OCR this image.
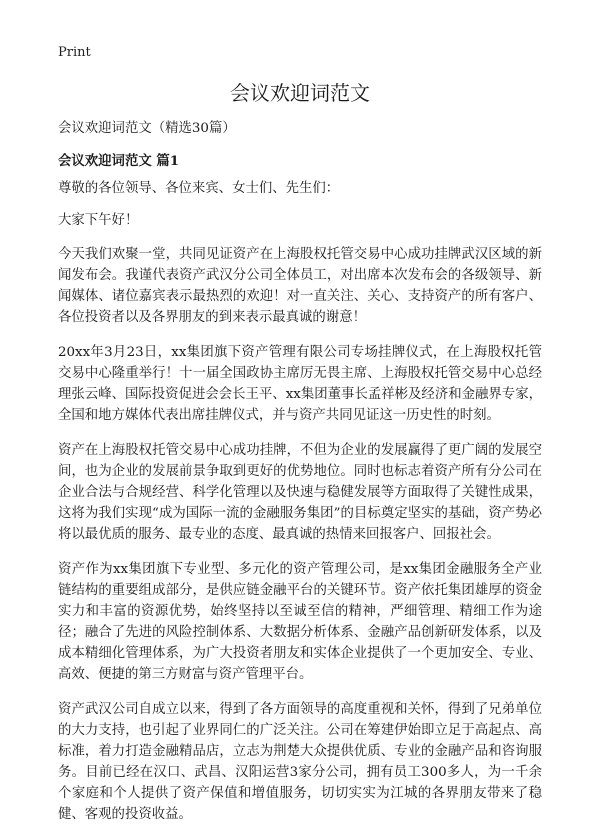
Print
会议欢迎词范文

会议欢迎词范文（精选30篇）

会议欢迎词范文 篇1

尊敬的各位领导、各位来宾、女士们、先生们：

大家下午好！

今天我们欢聚一堂，共同见证资产在上海股权托管交易中心成功挂牌武汉区域的新闻发布会。我谨代表资产武汉分公司全体员工，对出席本次发布会的各级领导、新闻媒体、诸位嘉宾表示最热烈的欢迎！对一直关注、关心、支持资产的所有客户、各位投资者以及各界朋友的到来表示最真诚的谢意！

20xx年3月23日，xx集团旗下资产管理有限公司专场挂牌仪式，在上海股权托管交易中心隆重举行！十一届全国政协主席厉无畏主席、上海股权托管交易中心总经理张云峰、国际投资促进会会长王平、xx集团董事长孟祥彬及经济和金融界专家，全国和地方媒体代表出席挂牌仪式，并与资产共同见证这一历史性的时刻。

资产在上海股权托管交易中心成功挂牌，不但为企业的发展赢得了更广阔的发展空间，也为企业的发展前景争取到更好的优势地位。同时也标志着资产所有分公司在企业合法与合规经营、科学化管理以及快速与稳健发展等方面取得了关键性成果，这将为我们实现“成为国际一流的金融服务集团”的目标奠定坚实的基础，资产势必将以最优质的服务、最专业的态度、最真诚的热情来回报客户、回报社会。

资产作为xx集团旗下专业型、多元化的资产管理公司，是xx集团金融服务全产业链结构的重要组成部分，是供应链金融平台的关键环节。资产依托集团雄厚的资金实力和丰富的资源优势，始终坚持以至诚至信的精神，严细管理、精细工作为途径；融合了先进的风险控制体系、大数据分析体系、金融产品创新研发体系，以及成本精细化管理体系，为广大投资者朋友和实体企业提供了一个更加安全、专业、高效、便捷的第三方财富与资产管理平台。

资产武汉公司自成立以来，得到了各方面领导的高度重视和关怀，得到了兄弟单位的大力支持，也引起了业界同仁的广泛关注。公司在筹建伊始即立足于高起点、高标准，着力打造金融精品店，立志为荆楚大众提供优质、专业的金融产品和咨询服务。目前已经在汉口、武昌、汉阳运营3家分公司，拥有员工300多人，为一千余个家庭和个人提供了资产保值和增值服务，切切实实为江城的各界朋友带来了稳健、客观的投资收益。
